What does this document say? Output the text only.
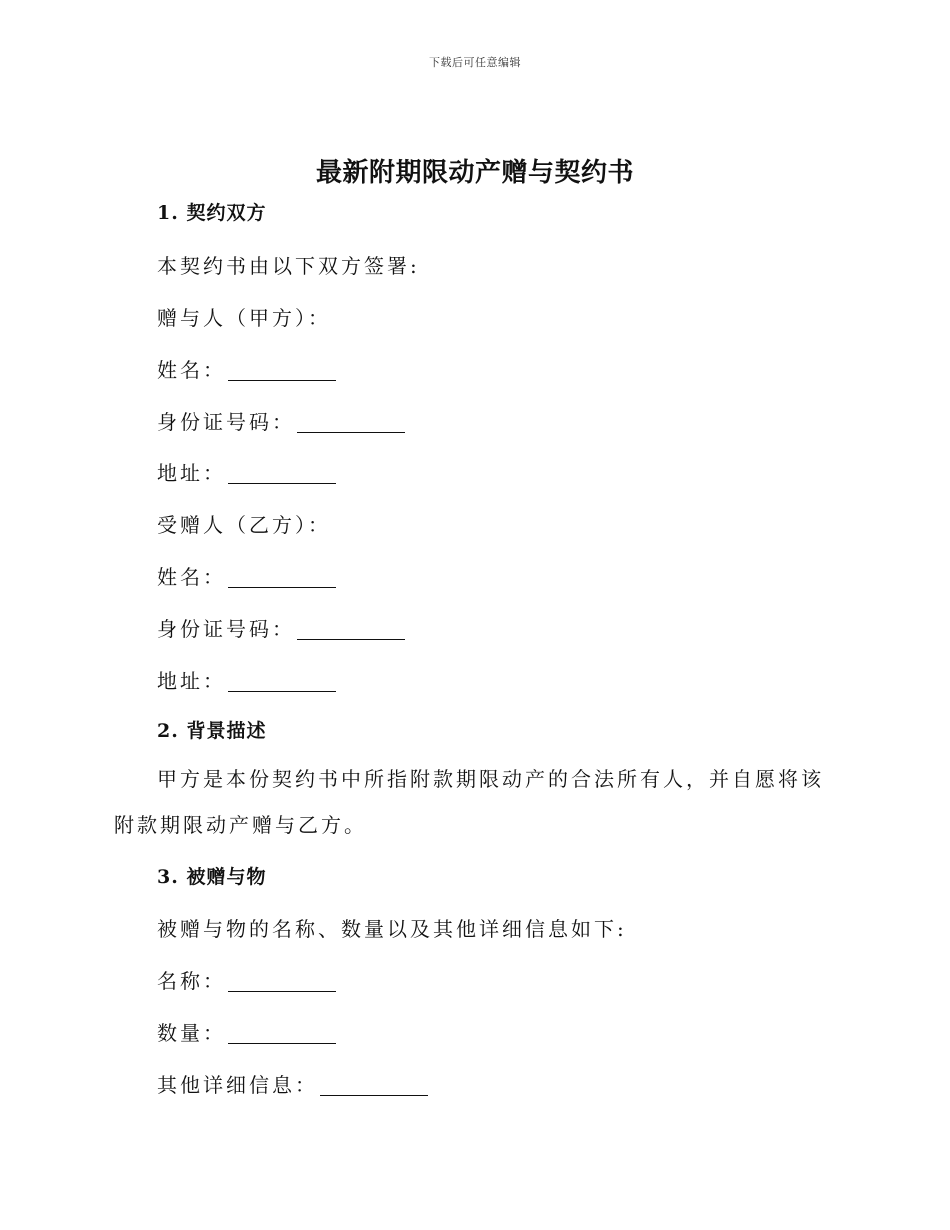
下载后可任意编辑
最新附期限动产赠与契约书
1. 契约双方

本契约书由以下双方签署:

赠与人（甲方）：

姓名：

身份证号码：

地址：

受赠人（乙方）：

姓名：

身份证号码：

地址：

2. 背景描述

甲方是本份契约书中所指附款期限动产的合法所有人，并自愿将该附款期限动产赠与乙方。

3. 被赠与物

被赠与物的名称、数量以及其他详细信息如下:

名称：

数量：

其他详细信息：
